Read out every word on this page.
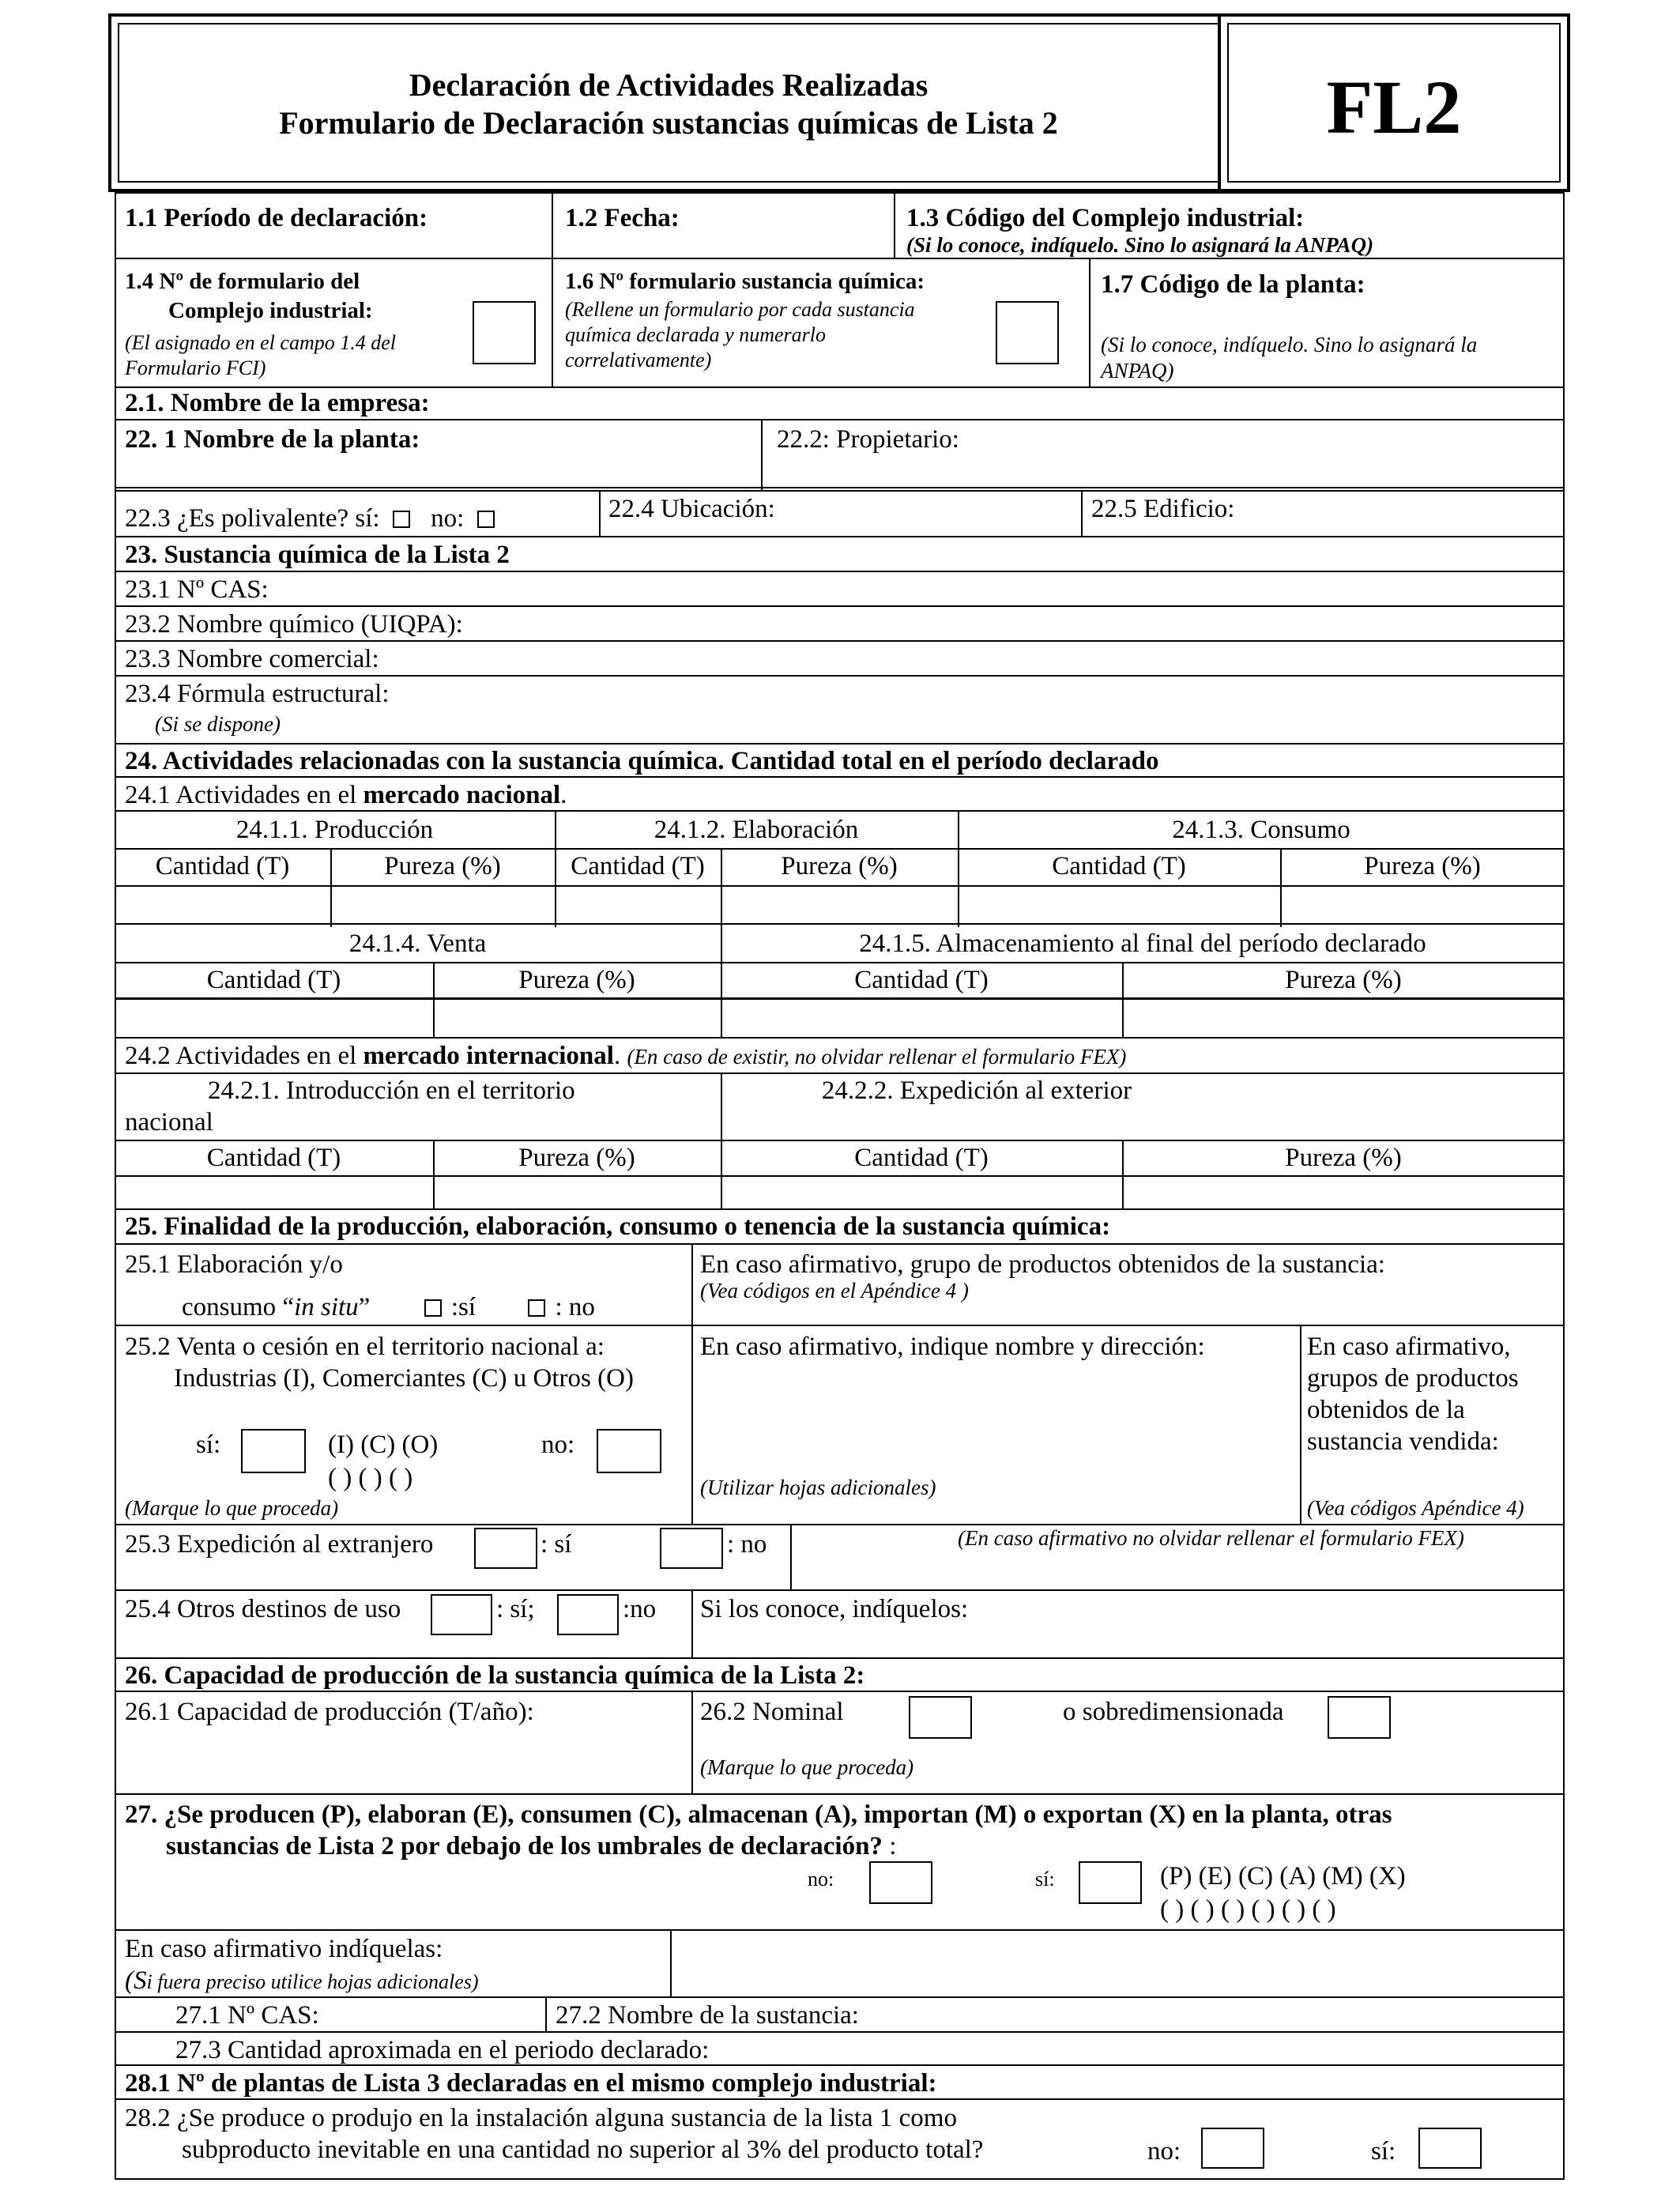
Declaración de Actividades Realizadas
Formulario de Declaración sustancias químicas de Lista 2	FL2
1.1 Período de declaración:	1.2 Fecha:	1.3 Código del Complejo industrial:
(Si lo conoce, indíquelo. Sino lo asignará la ANPAQ)
1.4 Nº de formulario del
Complejo industrial:
(El asignado en el campo 1.4 del
Formulario FCI)
1.6 Nº formulario sustancia química:
(Rellene un formulario por cada sustancia
química declarada y numerarlo
correlativamente)
1.7 Código de la planta:
(Si lo conoce, indíquelo. Sino lo asignará la
ANPAQ)
2.1. Nombre de la empresa:
22. 1 Nombre de la planta:	22.2: Propietario:
22.3 ¿Es polivalente? sí: no:	22.4 Ubicación:	22.5 Edificio:
23. Sustancia química de la Lista 2
23.1 Nº CAS:
23.2 Nombre químico (UIQPA):
23.3 Nombre comercial:
23.4 Fórmula estructural:
(Si se dispone)
24. Actividades relacionadas con la sustancia química. Cantidad total en el período declarado
24.1 Actividades en el mercado nacional.
24.1.1. Producción	24.1.2. Elaboración	24.1.3. Consumo
Cantidad (T)	Pureza (%)	Cantidad (T)	Pureza (%)	Cantidad (T)	Pureza (%)
24.1.4. Venta	24.1.5. Almacenamiento al final del período declarado
Cantidad (T)	Pureza (%)	Cantidad (T)	Pureza (%)
24.2 Actividades en el mercado internacional. (En caso de existir, no olvidar rellenar el formulario FEX)
24.2.1. Introducción en el territorio
nacional
24.2.2. Expedición al exterior
Cantidad (T)	Pureza (%)	Cantidad (T)	Pureza (%)
25. Finalidad de la producción, elaboración, consumo o tenencia de la sustancia química:
25.1 Elaboración y/o
consumo “in situ”	:sí	: no
En caso afirmativo, grupo de productos obtenidos de la sustancia:
(Vea códigos en el Apéndice 4 )
25.2 Venta o cesión en el territorio nacional a:
Industrias (I), Comerciantes (C) u Otros (O)
sí:	(I) (C) (O)
( ) ( ) ( )
no:
(Marque lo que proceda)
En caso afirmativo, indique nombre y dirección:
(Utilizar hojas adicionales)
En caso afirmativo,
grupos de productos
obtenidos de la
sustancia vendida:
(Vea códigos Apéndice 4)
25.3 Expedición al extranjero	: sí	: no	(En caso afirmativo no olvidar rellenar el formulario FEX)
25.4 Otros destinos de uso	: sí;	:no Si los conoce, indíquelos:
26. Capacidad de producción de la sustancia química de la Lista 2:
26.1 Capacidad de producción (T/año):	26.2 Nominal	o sobredimensionada
(Marque lo que proceda)
27. ¿Se producen (P), elaboran (E), consumen (C), almacenan (A), importan (M) o exportan (X) en la planta, otras
sustancias de Lista 2 por debajo de los umbrales de declaración? :
no:	sí:	(P) (E) (C) (A) (M) (X)
( ) ( ) ( ) ( ) ( ) ( )
En caso afirmativo indíquelas:
(Si fuera preciso utilice hojas adicionales)
27.1 Nº CAS:	27.2 Nombre de la sustancia:
27.3 Cantidad aproximada en el periodo declarado:
28.1 Nº de plantas de Lista 3 declaradas en el mismo complejo industrial:
28.2 ¿Se produce o produjo en la instalación alguna sustancia de la lista 1 como
subproducto inevitable en una cantidad no superior al 3% del producto total?	no:	sí:
